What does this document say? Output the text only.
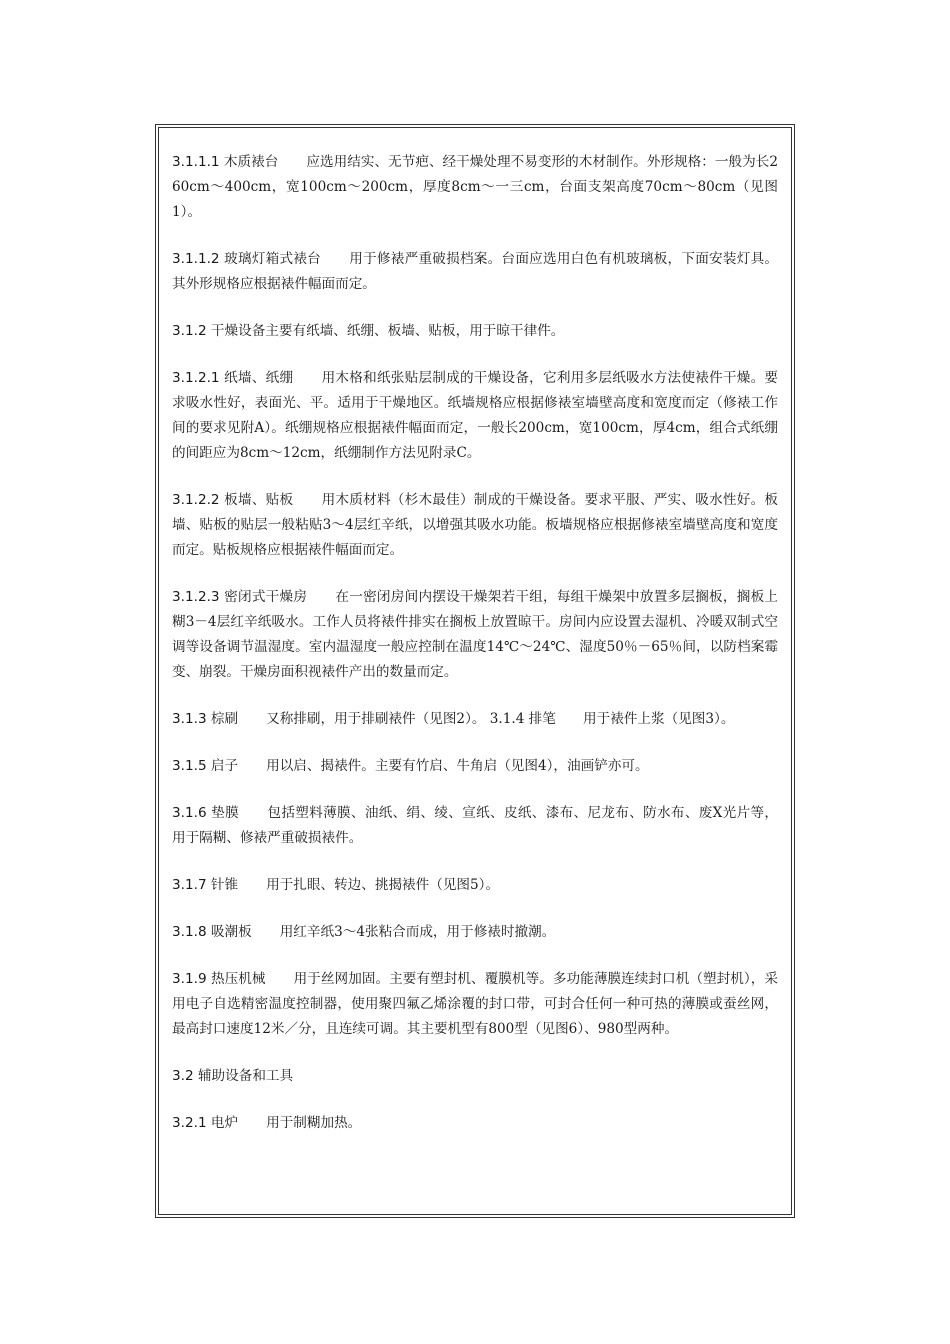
3.1.1.1 木质裱台 应选用结实、无节疤、经干燥处理不易变形的木材制作。外形规格：一般为长260cm～400cm，宽100cm～200cm，厚度8cm～一三cm，台面支架高度70cm～80cm（见图1）。

3.1.1.2 玻璃灯箱式裱台 用于修裱严重破损档案。台面应选用白色有机玻璃板，下面安装灯具。其外形规格应根据裱件幅面而定。

3.1.2 干燥设备主要有纸墙、纸绷、板墙、贴板，用于晾干律件。

3.1.2.1 纸墙、纸绷 用木格和纸张贴层制成的干燥设备，它利用多层纸吸水方法使裱件干燥。要求吸水性好，表面光、平。适用于干燥地区。纸墙规格应根据修裱室墙壁高度和宽度而定（修裱工作间的要求见附A）。纸绷规格应根据裱件幅面而定，一般长200cm，宽100cm，厚4cm，组合式纸绷的间距应为8cm～12cm，纸绷制作方法见附录C。

3.1.2.2 板墙、贴板 用木质材料（杉木最佳）制成的干燥设备。要求平服、严实、吸水性好。板墙、贴板的贴层一般粘贴3～4层红辛纸，以增强其吸水功能。板墙规格应根据修裱室墙壁高度和宽度而定。贴板规格应根据裱件幅面而定。

3.1.2.3 密闭式干燥房 在一密闭房间内摆设干燥架若干组，每组干燥架中放置多层搁板，搁板上糊3－4层红辛纸吸水。工作人员将裱件排实在搁板上放置晾干。房间内应设置去湿机、冷暖双制式空调等设备调节温湿度。室内温湿度一般应控制在温度14℃～24℃、湿度50％－65％间，以防档案霉变、崩裂。干燥房面积视裱件产出的数量而定。

3.1.3 棕刷 又称排刷，用于排刷裱件（见图2）。 3.1.4 排笔　　用于裱件上浆（见图3）。

3.1.5 启子 用以启、揭裱件。主要有竹启、牛角启（见图4），油画铲亦可。

3.1.6 垫膜 包括塑料薄膜、油纸、绢、绫、宣纸、皮纸、漆布、尼龙布、防水布、废X光片等，用于隔糊、修裱严重破损裱件。

3.1.7 针锥 用于扎眼、转边、挑揭裱件（见图5）。

3.1.8 吸潮板 用红辛纸3～4张粘合而成，用于修裱时撤潮。

3.1.9 热压机械 用于丝网加固。主要有塑封机、覆膜机等。多功能薄膜连续封口机（塑封机），采用电子自选精密温度控制器，使用聚四氟乙烯涂覆的封口带，可封合任何一种可热的薄膜或蚕丝网，最高封口速度12米／分，且连续可调。其主要机型有800型（见图6）、980型两种。

3.2 辅助设备和工具

3.2.1 电炉 用于制糊加热。
